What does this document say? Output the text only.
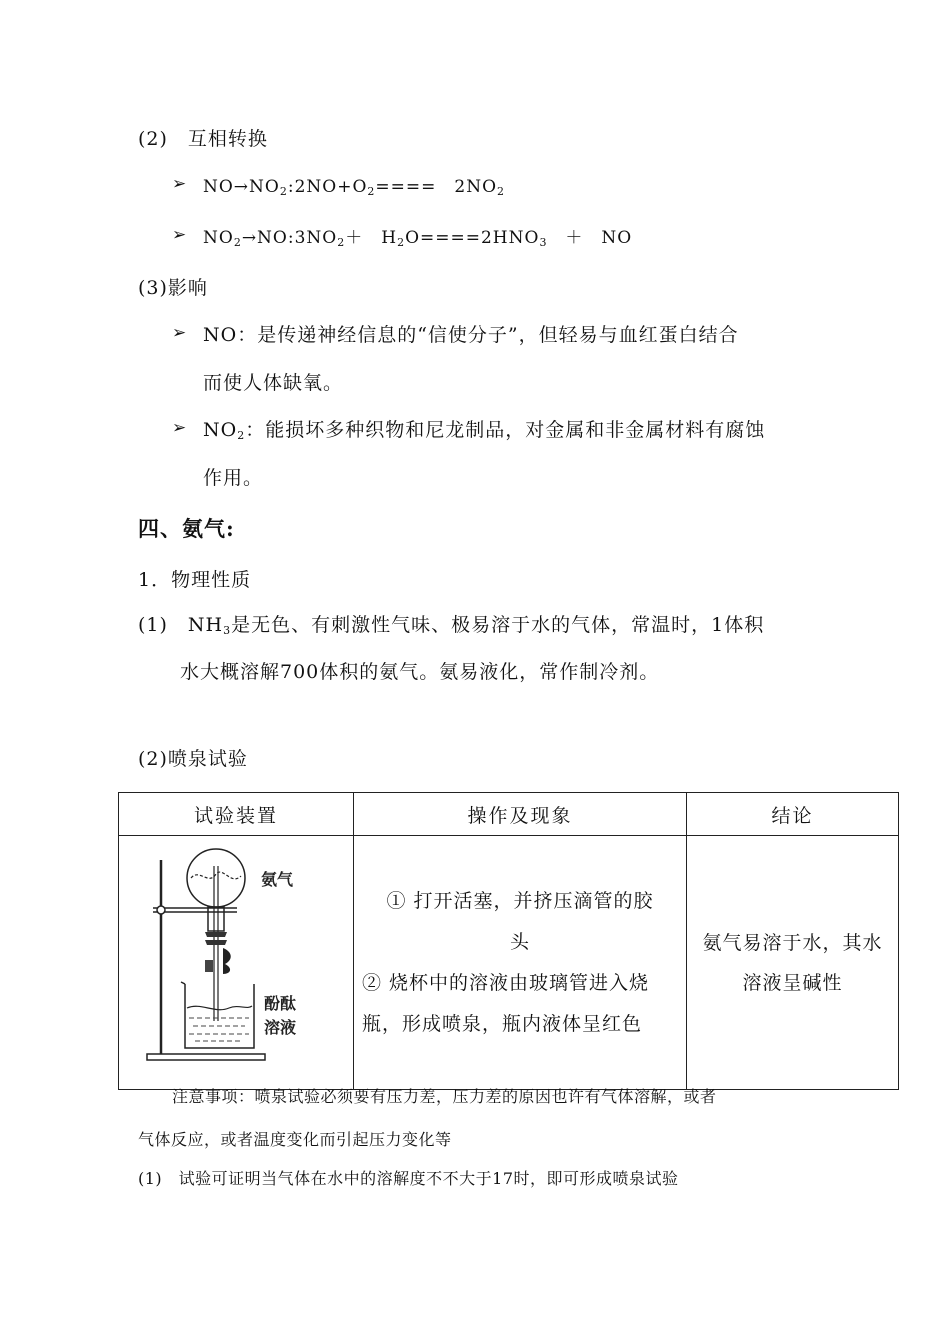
(2)　互相转换
➢ $NO\to NO_2:2NO+O_2====$　$2NO_2$
➢ $NO_2\to NO:3NO_2+$　$H_2O====2HNO_3$　＋　NO
(3)影响
➢ NO：是传递神经信息的“信使分子”，但轻易与血红蛋白结合
而使人体缺氧。
➢ $NO_2$：能损坏多种织物和尼龙制品，对金属和非金属材料有腐蚀
作用。
四、氨气:
1．物理性质
(1)　$NH_3$是无色、有刺激性气味、极易溶于水的气体，常温时，1体积
水大概溶解700体积的氨气。氨易液化，常作制冷剂。
(2)喷泉试验
试验装置	操作及现象	结论

氨气
酚酞
溶液	① 打开活塞，并挤压滴管的胶
头
② 烧杯中的溶液由玻璃管进入烧瓶，形成喷泉，瓶内液体呈红色	氨气易溶于水，其水溶液呈碱性
注意事项：喷泉试验必须要有压力差，压力差的原因也许有气体溶解，或者
气体反应，或者温度变化而引起压力变化等
(1)　试验可证明当气体在水中的溶解度不不大于17时，即可形成喷泉试验
